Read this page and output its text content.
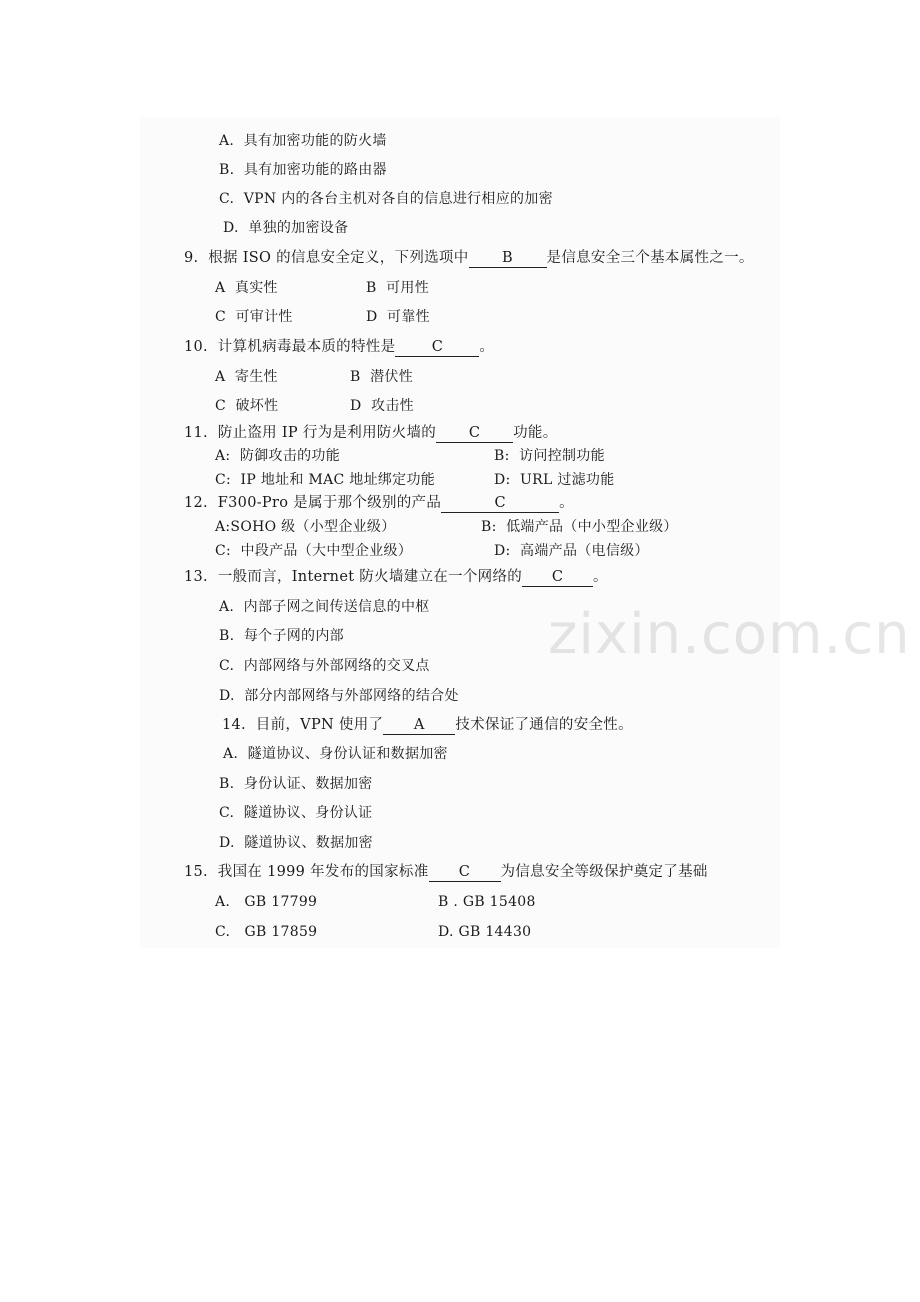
A.  具有加密功能的防火墙
B.  具有加密功能的路由器
C.  VPN 内的各台主机对各自的信息进行相应的加密
D.  单独的加密设备
9.  根据 ISO 的信息安全定义，下列选项中 B 是信息安全三个基本属性之一。
A  真实性	B  可用性
C  可审计性	D  可靠性
10.  计算机病毒最本质的特性是	C	。
A  寄生性	B  潜伏性
C  破坏性	D  攻击性
11.  防止盗用 IP 行为是利用防火墙的 C 功能。
A:  防御攻击的功能	B:  访问控制功能
C:  IP 地址和 MAC 地址绑定功能	D:  URL 过滤功能
12.  F300-Pro 是属于那个级别的产品	C	。
A:SOHO 级（小型企业级）	B:  低端产品（中小型企业级）
C:  中段产品（大中型企业级）	D:  高端产品（电信级）
13.  一般而言，Internet 防火墙建立在一个网络的 C 。
A.  内部子网之间传送信息的中枢
B.  每个子网的内部
C.  内部网络与外部网络的交叉点
D.  部分内部网络与外部网络的结合处
14.  目前，VPN 使用了 A 技术保证了通信的安全性。
A.  隧道协议、身份认证和数据加密
B.  身份认证、数据加密
C.  隧道协议、身份认证
D.  隧道协议、数据加密
15.  我国在 1999 年发布的国家标准 C 为信息安全等级保护奠定了基础
A.   GB 17799	B . GB 15408
C.   GB 17859	D. GB 14430
zixin.com.cn
